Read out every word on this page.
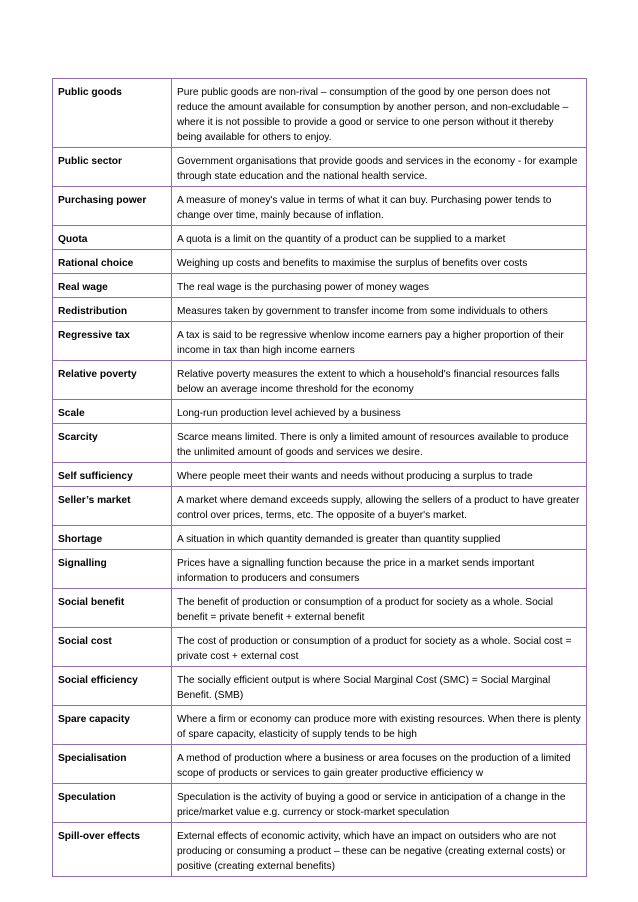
Public goods	Pure public goods are non-rival – consumption of the good by one person does not reduce the amount available for consumption by another person, and non-excludable – where it is not possible to provide a good or service to one person without it thereby being available for others to enjoy.
Public sector	Government organisations that provide goods and services in the economy - for example through state education and the national health service.
Purchasing power	A measure of money's value in terms of what it can buy. Purchasing power tends to change over time, mainly because of inflation.
Quota	A quota is a limit on the quantity of a product can be supplied to a market
Rational choice	Weighing up costs and benefits to maximise the surplus of benefits over costs
Real wage	The real wage is the purchasing power of money wages
Redistribution	Measures taken by government to transfer income from some individuals to others
Regressive tax	A tax is said to be regressive whenlow income earners pay a higher proportion of their income in tax than high income earners
Relative poverty	Relative poverty measures the extent to which a household's financial resources falls below an average income threshold for the economy
Scale	Long-run production level achieved by a business
Scarcity	Scarce means limited. There is only a limited amount of resources available to produce the unlimited amount of goods and services we desire.
Self sufficiency	Where people meet their wants and needs without producing a surplus to trade
Seller’s market	A market where demand exceeds supply, allowing the sellers of a product to have greater control over prices, terms, etc. The opposite of a buyer's market.
Shortage	A situation in which quantity demanded is greater than quantity supplied
Signalling	Prices have a signalling function because the price in a market sends important information to producers and consumers
Social benefit	The benefit of production or consumption of a product for society as a whole. Social benefit = private benefit + external benefit
Social cost	The cost of production or consumption of a product for society as a whole. Social cost = private cost + external cost
Social efficiency	The socially efficient output is where Social Marginal Cost (SMC) = Social Marginal Benefit. (SMB)
Spare capacity	Where a firm or economy can produce more with existing resources. When there is plenty of spare capacity, elasticity of supply tends to be high
Specialisation	A method of production where a business or area focuses on the production of a limited scope of products or services to gain greater productive efficiency w
Speculation	Speculation is the activity of buying a good or service in anticipation of a change in the price/market value e.g. currency or stock-market speculation
Spill-over effects	External effects of economic activity, which have an impact on outsiders who are not producing or consuming a product – these can be negative (creating external costs) or positive (creating external benefits)
